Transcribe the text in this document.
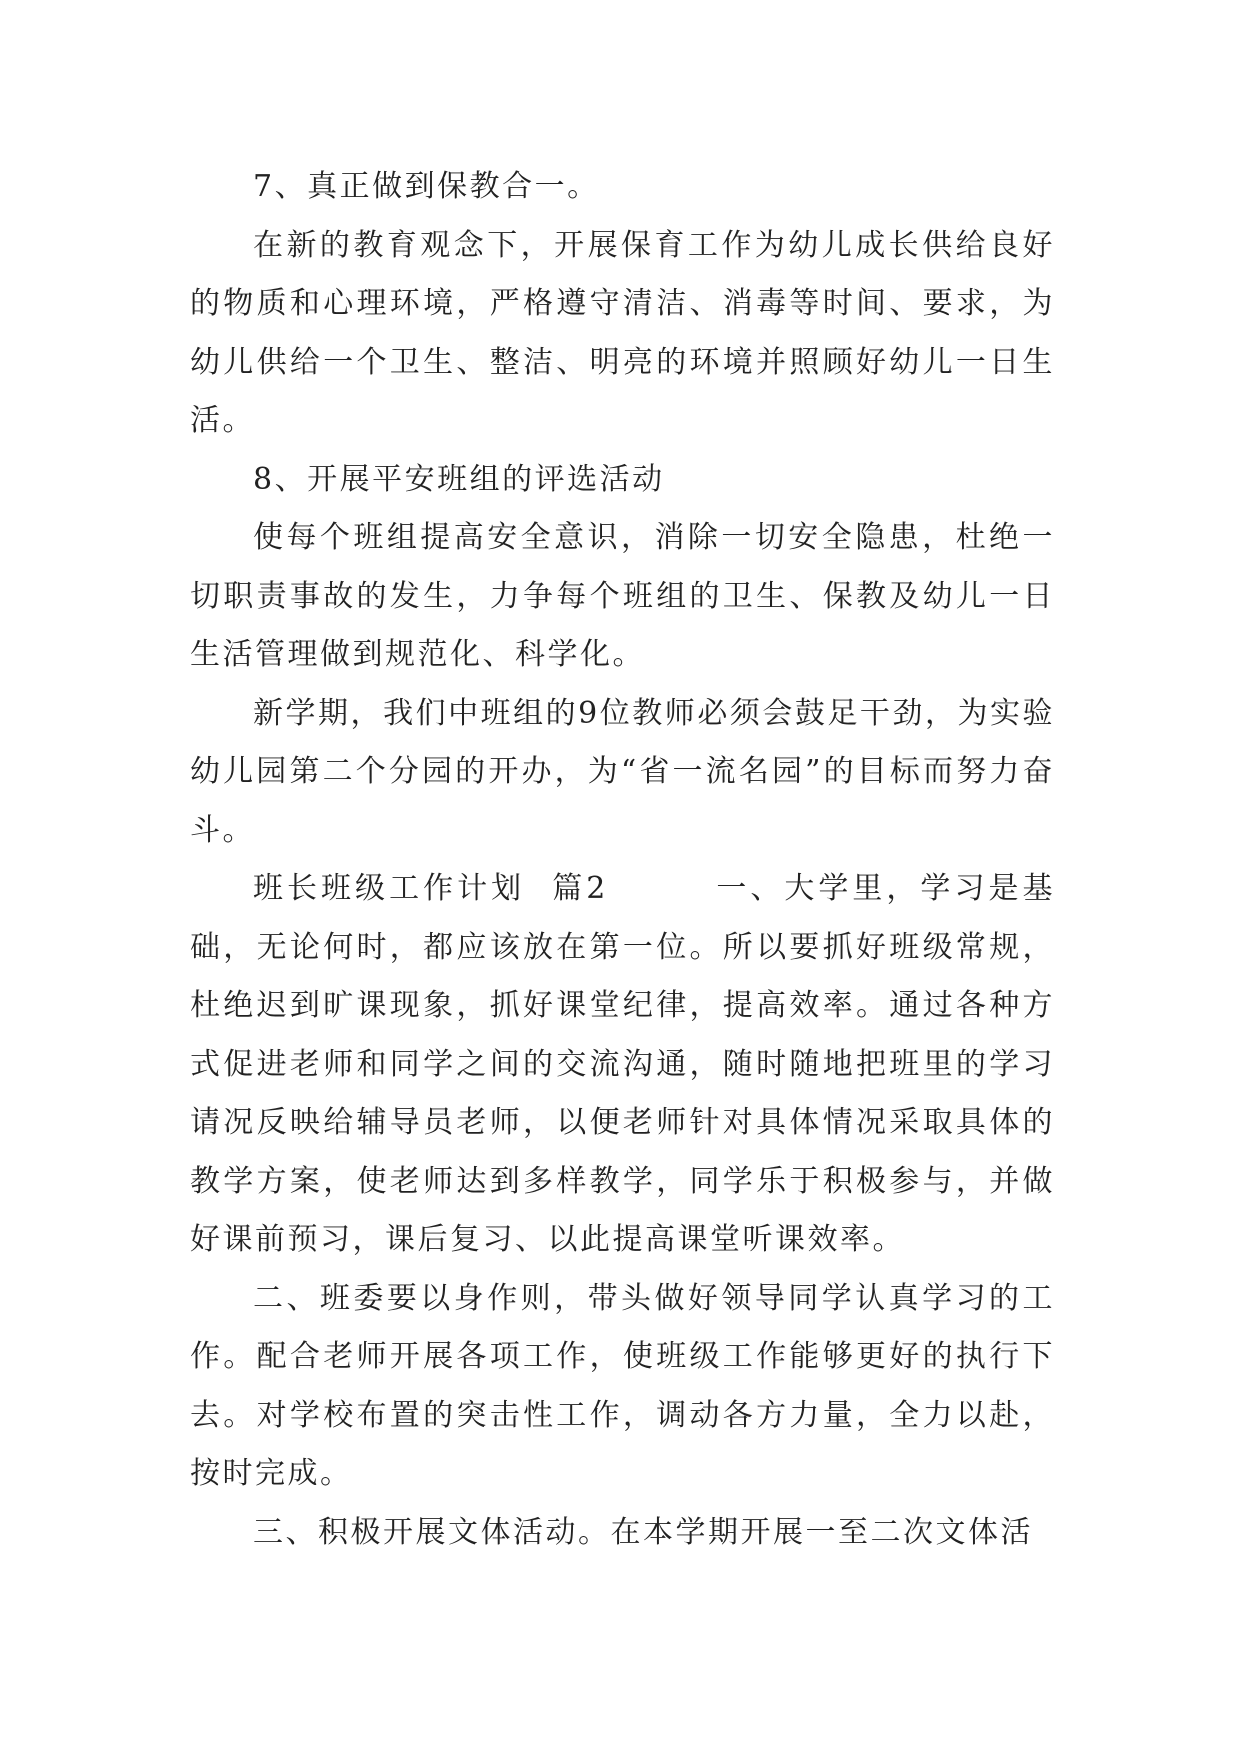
7、真正做到保教合一。

在新的教育观念下，开展保育工作为幼儿成长供给良好的物质和心理环境，严格遵守清洁、消毒等时间、要求，为幼儿供给一个卫生、整洁、明亮的环境并照顾好幼儿一日生活。

8、开展平安班组的评选活动

使每个班组提高安全意识，消除一切安全隐患，杜绝一切职责事故的发生，力争每个班组的卫生、保教及幼儿一日生活管理做到规范化、科学化。

新学期，我们中班组的9位教师必须会鼓足干劲，为实验幼儿园第二个分园的开办，为“省一流名园”的目标而努力奋斗。

班长班级工作计划  篇2        一、大学里，学习是基础，无论何时，都应该放在第一位。所以要抓好班级常规，杜绝迟到旷课现象，抓好课堂纪律，提高效率。通过各种方式促进老师和同学之间的交流沟通，随时随地把班里的学习请况反映给辅导员老师，以便老师针对具体情况采取具体的教学方案，使老师达到多样教学，同学乐于积极参与，并做好课前预习，课后复习、以此提高课堂听课效率。

二、班委要以身作则，带头做好领导同学认真学习的工作。配合老师开展各项工作，使班级工作能够更好的执行下去。对学校布置的突击性工作，调动各方力量，全力以赴，按时完成。

三、积极开展文体活动。在本学期开展一至二次文体活
